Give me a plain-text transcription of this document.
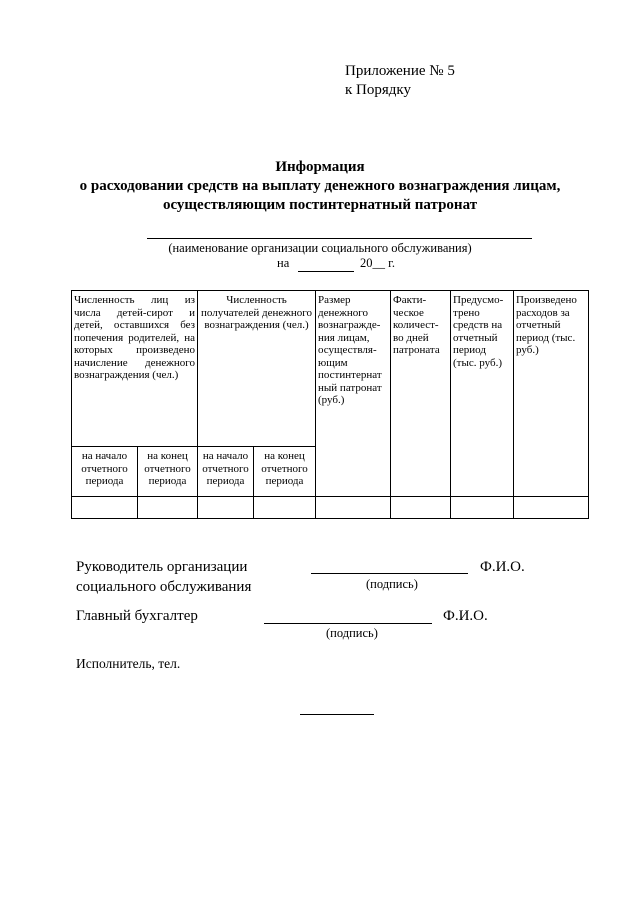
Приложение № 5
к Порядку
Информация
о расходовании средств на выплату денежного вознаграждения лицам,
осуществляющим постинтернатный патронат
(наименование организации социального обслуживания)
на	20__ г.
Численность лиц из числа детей-сирот и детей, оставшихся без попечения родителей, на которых произведено начисление денежного вознаграждения (чел.)		Численность получателей денежного вознаграждения (чел.)		Размер денежного вознагражде-ния лицам, осуществля-ющим постинтернат ный патронат (руб.)	Факти-ческое количест-во дней патроната	Предусмо-трено средств на отчетный период (тыс. руб.)	Произведено расходов за отчетный период (тыс. руб.)
на начало отчетного периода	на конец отчетного периода	на начало отчетного периода	на конец отчетного периода				

Руководитель организации
социального обслуживания
Ф.И.О.
(подпись)
Главный бухгалтер	Ф.И.О.
(подпись)
Исполнитель, тел.
